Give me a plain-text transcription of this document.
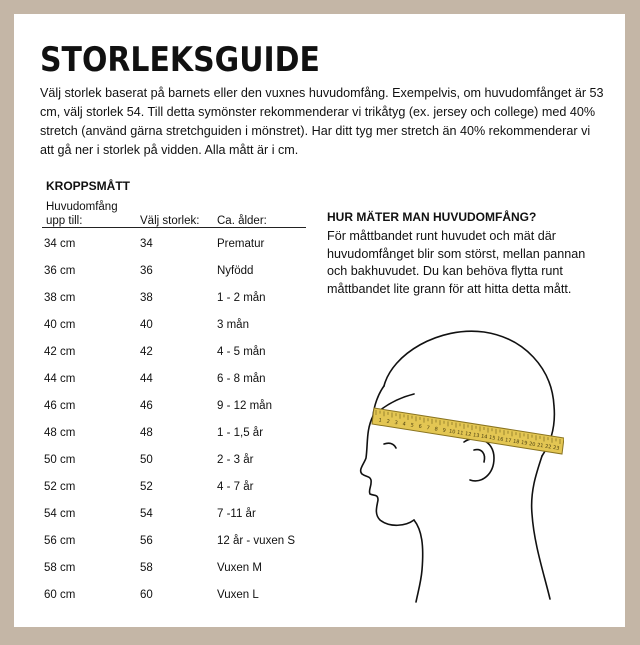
STORLEKSGUIDE
Välj storlek baserat på barnets eller den vuxnes huvudomfång. Exempelvis, om huvudomfånget är 53 cm, välj storlek 54. Till detta symönster rekommenderar vi trikåtyg (ex. jersey och college) med 40% stretch (använd gärna stretchguiden i mönstret). Har ditt tyg mer stretch än 40% rekommenderar vi att gå ner i storlek på vidden. Alla mått är i cm.
KROPPSMÅTT
Huvudomfång
upp till:	Välj storlek: Ca. ålder:
34 cm	34	Prematur
36 cm	36	Nyfödd
38 cm	38	1 - 2 mån
40 cm	40	3 mån
42 cm	42	4 - 5 mån
44 cm	44	6 - 8 mån
46 cm	46	9 - 12 mån
48 cm	48	1 - 1,5 år
50 cm	50	2 - 3 år
52 cm	52	4 - 7 år
54 cm	54	7 -11 år
56 cm	56	12 år - vuxen S
58 cm	58	Vuxen M
60 cm	60	Vuxen L
HUR MÄTER MAN HUVUDOMFÅNG?
För måttbandet runt huvudet och mät där huvudomfånget blir som störst, mellan pannan och bakhuvudet. Du kan behöva flytta runt måttbandet lite grann för att hitta detta mått.
1 2 3 4 5 6 7 8 9 10 11 12 13 14 15 16 17 18 19 20 21 22 23
